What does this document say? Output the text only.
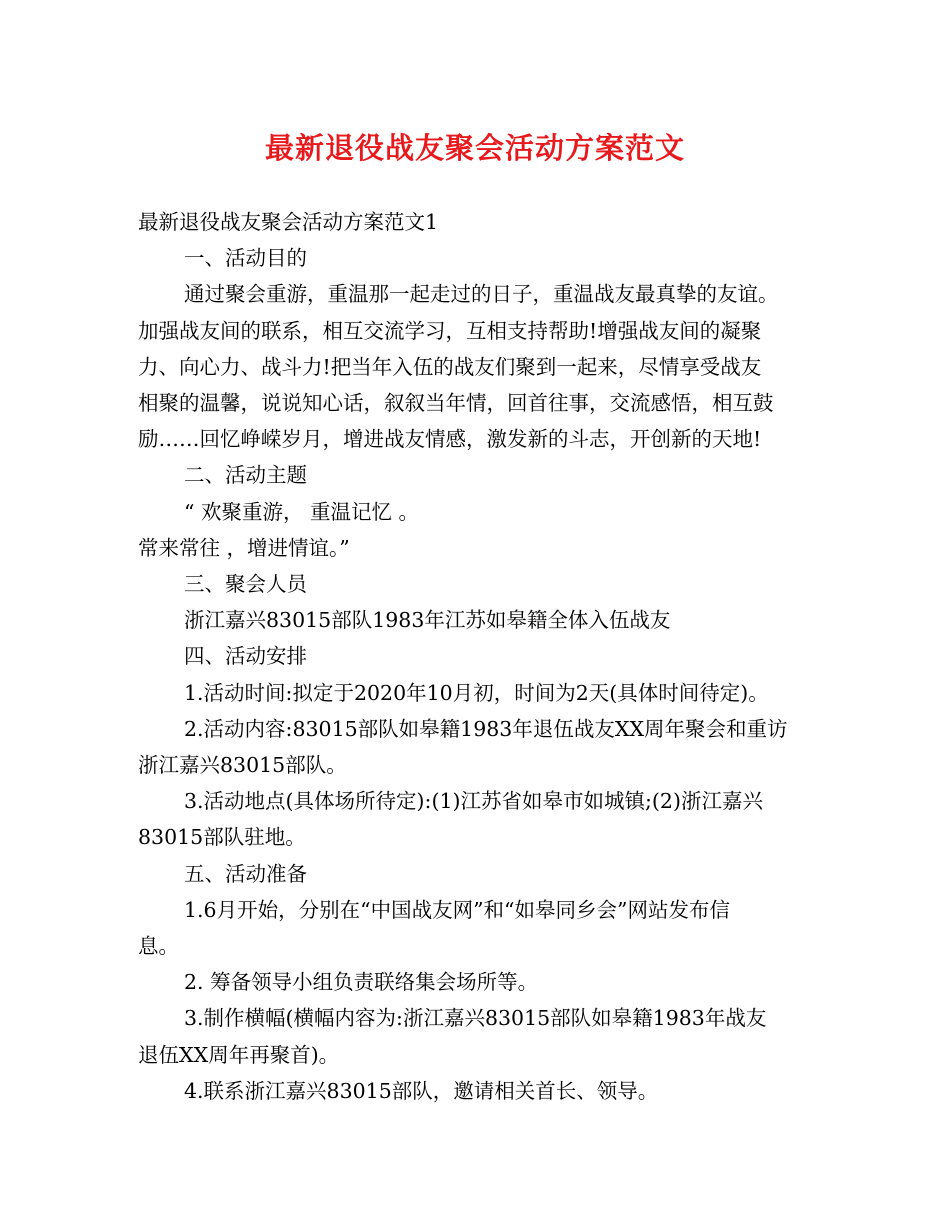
最新退役战友聚会活动方案范文

最新退役战友聚会活动方案范文1

一、活动目的

通过聚会重游，重温那一起走过的日子，重温战友最真挚的友谊。

加强战友间的联系，相互交流学习，互相支持帮助!增强战友间的凝聚

力、向心力、战斗力!把当年入伍的战友们聚到一起来，尽情享受战友

相聚的温馨，说说知心话，叙叙当年情，回首往事，交流感悟，相互鼓

励……回忆峥嵘岁月，增进战友情感，激发新的斗志，开创新的天地!

二、活动主题

“ 欢聚重游， 重温记忆 。

常来常往 ，增进情谊。”

三、聚会人员

浙江嘉兴83015部队1983年江苏如皋籍全体入伍战友

四、活动安排

1.活动时间:拟定于2020年10月初，时间为2天(具体时间待定)。

2.活动内容:83015部队如皋籍1983年退伍战友XX周年聚会和重访

浙江嘉兴83015部队。

3.活动地点(具体场所待定):(1)江苏省如皋市如城镇;(2)浙江嘉兴

83015部队驻地。

五、活动准备

1.6月开始，分别在“中国战友网”和“如皋同乡会”网站发布信

息。

2. 筹备领导小组负责联络集会场所等。

3.制作横幅(横幅内容为:浙江嘉兴83015部队如皋籍1983年战友

退伍XX周年再聚首)。

4.联系浙江嘉兴83015部队，邀请相关首长、领导。
